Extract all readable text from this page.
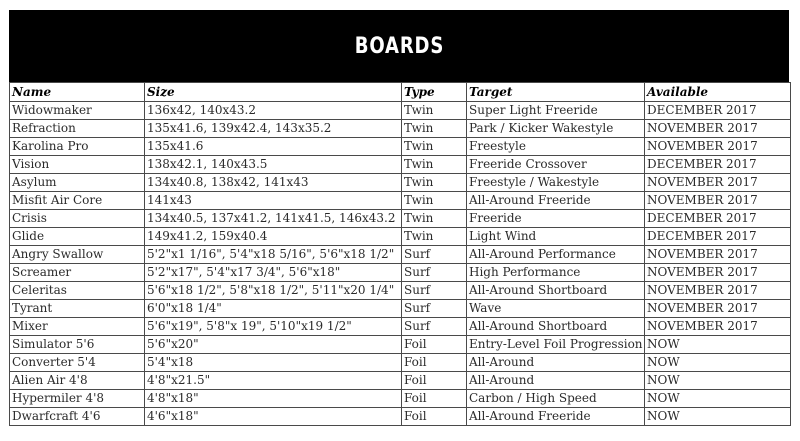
BOARDS
Name	Size	Type	Target	Available
Widowmaker	136x42, 140x43.2	Twin	Super Light Freeride	DECEMBER 2017
Refraction	135x41.6, 139x42.4, 143x35.2	Twin	Park / Kicker Wakestyle	NOVEMBER 2017
Karolina Pro	135x41.6	Twin	Freestyle	NOVEMBER 2017
Vision	138x42.1, 140x43.5	Twin	Freeride Crossover	DECEMBER 2017
Asylum	134x40.8, 138x42, 141x43	Twin	Freestyle / Wakestyle	NOVEMBER 2017
Misfit Air Core	141x43	Twin	All-Around Freeride	NOVEMBER 2017
Crisis	134x40.5, 137x41.2, 141x41.5, 146x43.2	Twin	Freeride	DECEMBER 2017
Glide	149x41.2, 159x40.4	Twin	Light Wind	DECEMBER 2017
Angry Swallow	5'2"x1 1/16", 5'4"x18 5/16", 5'6"x18 1/2"	Surf	All-Around Performance	NOVEMBER 2017
Screamer	5'2"x17", 5'4"x17 3/4", 5'6"x18"	Surf	High Performance	NOVEMBER 2017
Celeritas	5'6"x18 1/2", 5'8"x18 1/2", 5'11"x20 1/4"	Surf	All-Around Shortboard	NOVEMBER 2017
Tyrant	6'0"x18 1/4"	Surf	Wave	NOVEMBER 2017
Mixer	5'6"x19", 5'8"x 19", 5'10"x19 1/2"	Surf	All-Around Shortboard	NOVEMBER 2017
Simulator 5'6	5'6"x20"	Foil	Entry-Level Foil Progression	NOW
Converter 5'4	5'4"x18	Foil	All-Around	NOW
Alien Air 4'8	4'8"x21.5"	Foil	All-Around	NOW
Hypermiler 4'8	4'8"x18"	Foil	Carbon / High Speed	NOW
Dwarfcraft 4'6	4'6"x18"	Foil	All-Around Freeride	NOW
